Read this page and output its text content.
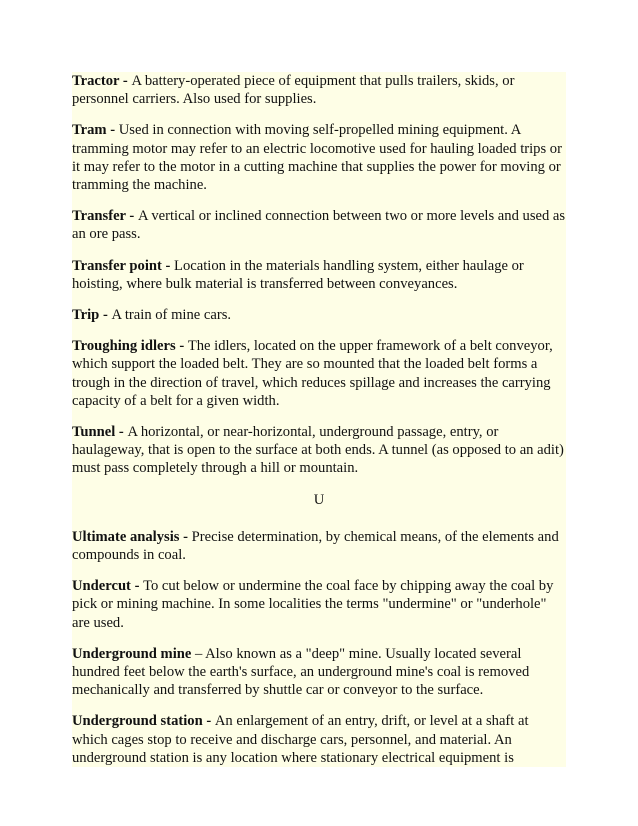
Tractor - A battery-operated piece of equipment that pulls trailers, skids, or personnel carriers. Also used for supplies.

Tram - Used in connection with moving self-propelled mining equipment. A tramming motor may refer to an electric locomotive used for hauling loaded trips or it may refer to the motor in a cutting machine that supplies the power for moving or tramming the machine.

Transfer - A vertical or inclined connection between two or more levels and used as an ore pass.

Transfer point - Location in the materials handling system, either haulage or hoisting, where bulk material is transferred between conveyances.

Trip - A train of mine cars.

Troughing idlers - The idlers, located on the upper framework of a belt conveyor, which support the loaded belt. They are so mounted that the loaded belt forms a trough in the direction of travel, which reduces spillage and increases the carrying capacity of a belt for a given width.

Tunnel - A horizontal, or near-horizontal, underground passage, entry, or haulageway, that is open to the surface at both ends. A tunnel (as opposed to an adit) must pass completely through a hill or mountain.

U

Ultimate analysis - Precise determination, by chemical means, of the elements and compounds in coal.

Undercut - To cut below or undermine the coal face by chipping away the coal by pick or mining machine. In some localities the terms "undermine" or "underhole" are used.

Underground mine – Also known as a "deep" mine. Usually located several hundred feet below the earth's surface, an underground mine's coal is removed mechanically and transferred by shuttle car or conveyor to the surface.

Underground station - An enlargement of an entry, drift, or level at a shaft at which cages stop to receive and discharge cars, personnel, and material. An underground station is any location where stationary electrical equipment is
